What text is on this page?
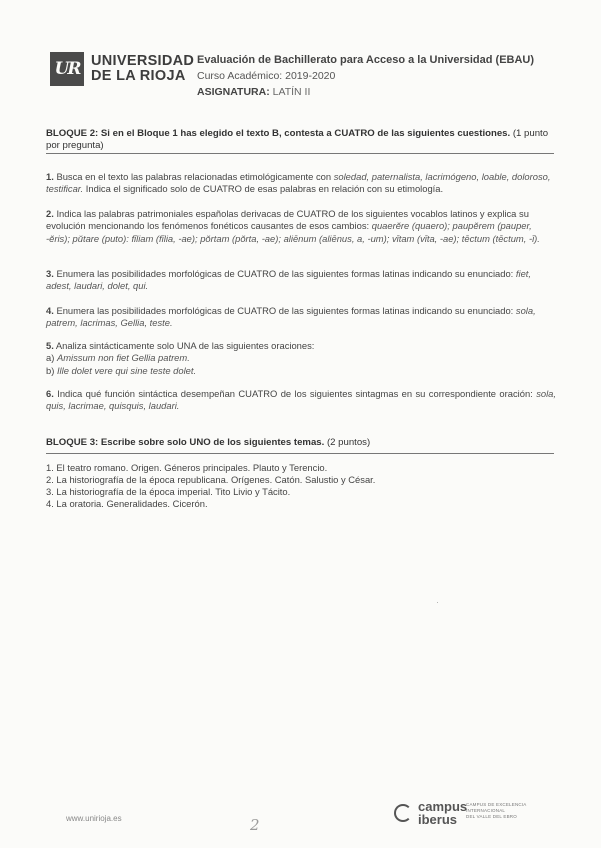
UR UNIVERSIDAD
DE LA RIOJA
Evaluación de Bachillerato para Acceso a la Universidad (EBAU)
Curso Académico: 2019-2020
ASIGNATURA: LATÍN II
BLOQUE 2: Si en el Bloque 1 has elegido el texto B, contesta a CUATRO de las siguientes cuestiones. (1 punto por pregunta)
1. Busca en el texto las palabras relacionadas etimológicamente con soledad, paternalista, lacrimógeno, loable, doloroso, testificar. Indica el significado solo de CUATRO de esas palabras en relación con su etimología.
2. Indica las palabras patrimoniales españolas derivacas de CUATRO de los siguientes vocablos latinos y explica su evolución mencionando los fenómenos fonéticos causantes de esos cambios: quaerĕre (quaero); paupĕrem (pauper, -ĕris); pŭtare (puto): fīliam (fīlia, -ae); pŏrtam (pŏrta, -ae); aliēnum (aliēnus, a, -um); vītam (vīta, -ae); tēctum (tēctum, -ī).
3. Enumera las posibilidades morfológicas de CUATRO de las siguientes formas latinas indicando su enunciado: fiet, adest, laudari, dolet, qui.
4. Enumera las posibilidades morfológicas de CUATRO de las siguientes formas latinas indicando su enunciado: sola, patrem, lacrimas, Gellia, teste.
5. Analiza sintácticamente solo UNA de las siguientes oraciones:
a) Amissum non fiet Gellia patrem.
b) Ille dolet vere qui sine teste dolet.
6. Indica qué función sintáctica desempeñan CUATRO de los siguientes sintagmas en su correspondiente oración: sola, quis, lacrimae, quisquis, laudari.
BLOQUE 3: Escribe sobre solo UNO de los siguientes temas. (2 puntos)
1. El teatro romano. Origen. Géneros principales. Plauto y Terencio.
2. La historiografía de la época republicana. Orígenes. Catón. Salustio y César.
3. La historiografía de la época imperial. Tito Livio y Tácito.
4. La oratoria. Generalidades. Cicerón.
·
www.unirioja.es	2
campus
iberus
CAMPUS DE EXCELENCIA
INTERNACIONAL
DEL VALLE DEL EBRO
